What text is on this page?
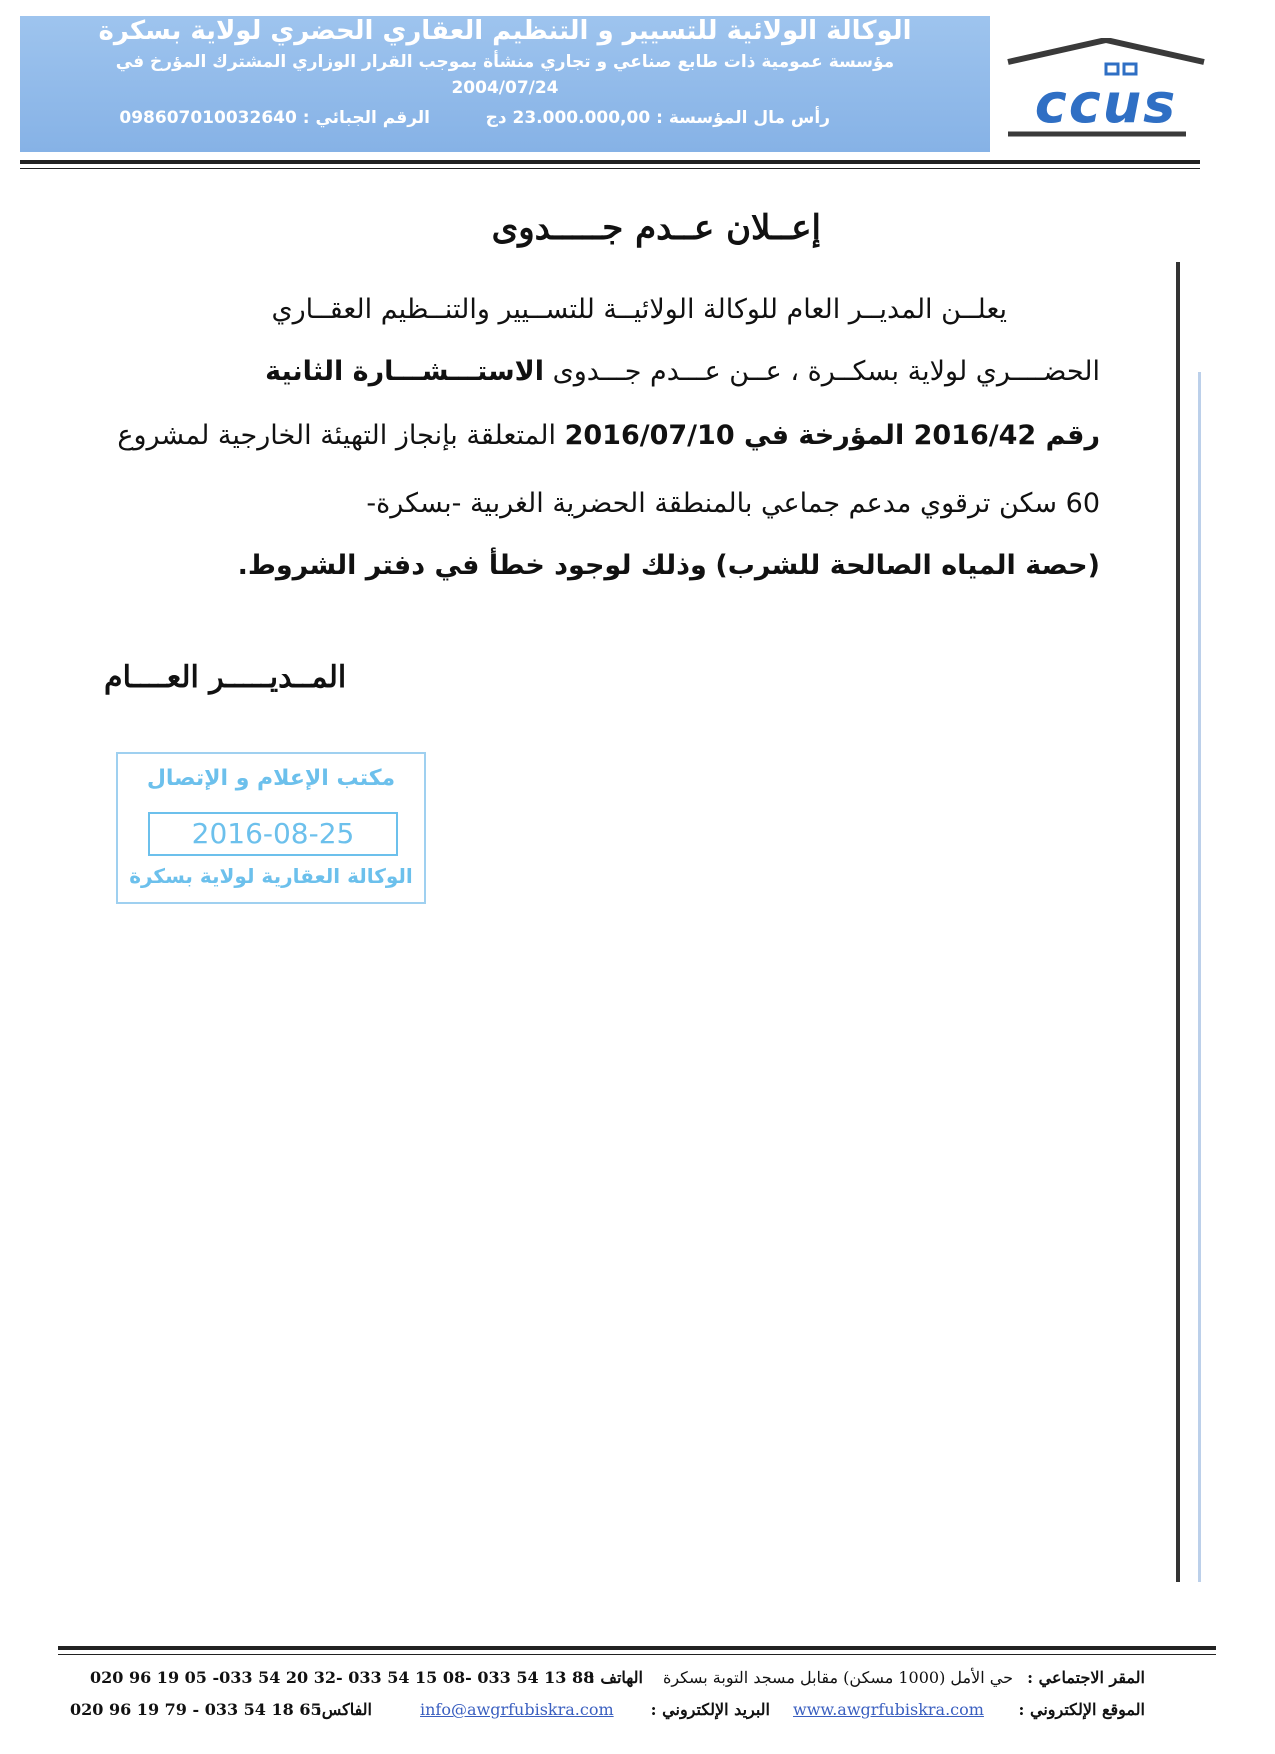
الوكالة الولائية للتسيير و التنظيم العقاري الحضري لولاية بسكرة
مؤسسة عمومية ذات طابع صناعي و تجاري منشأة بموجب القرار الوزاري المشترك المؤرخ في
2004/07/24
رأس مال المؤسسة : 23.000.000,00 دج
الرقم الجبائي : 098607010032640	ccus
إعــلان عــدم جـــــدوى
يعلــن المديــر العام للوكالة الولائيــة للتســيير والتنــظيم العقــاري
الحضــــري لولاية بسكــرة ، عــن عـــدم جـــدوى الاستـــشـــارة الثانية
رقم 2016/42 المؤرخة في 2016/07/10 المتعلقة بإنجاز التهيئة الخارجية لمشروع
60 سكن ترقوي مدعم جماعي بالمنطقة الحضرية الغربية -بسكرة-
(حصة المياه الصالحة للشرب) وذلك لوجود خطأ في دفتر الشروط.
المــديـــــر العــــام
مكتب الإعلام و الإتصال
2016-08-25
الوكالة العقارية لولاية بسكرة
المقر الاجتماعي :
حي الأمل (1000 مسكن) مقابل مسجد التوبة بسكرة
الهاتف :
020 96 19 05 -033 54 20 32- 033 54 15 08- 033 54 13 88
الموقع الإلكتروني :
www.awgrfubiskra.com
البريد الإلكتروني :
info@awgrfubiskra.com
الفاكس:
020 96 19 79 - 033 54 18 65
